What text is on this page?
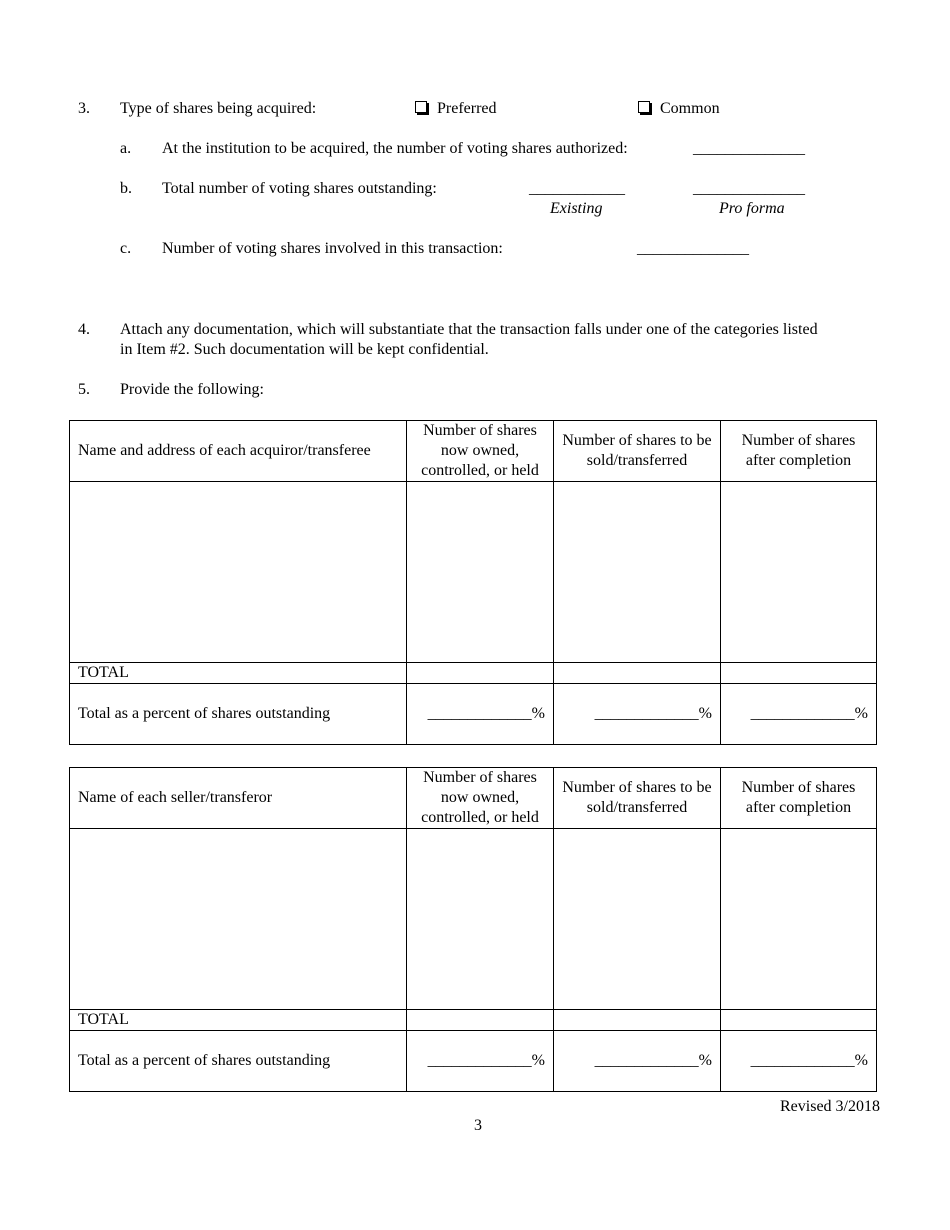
3. Type of shares being acquired:	Preferred	Common
a. At the institution to be acquired, the number of voting shares authorized:	______________
b. Total number of voting shares outstanding:	____________	______________
Existing	Pro forma
c. Number of voting shares involved in this transaction:	______________
4. Attach any documentation, which will substantiate that the transaction falls under one of the categories listed
in Item #2. Such documentation will be kept confidential.
5. Provide the following:
Name and address of each acquiror/transferee	Number of shares now owned, controlled, or held	Number of shares to be sold/transferred	Number of shares after completion

TOTAL			
Total as a percent of shares outstanding	_____________%	_____________%	_____________%
Name of each seller/transferor	Number of shares now owned, controlled, or held	Number of shares to be sold/transferred	Number of shares after completion

TOTAL			
Total as a percent of shares outstanding	_____________%	_____________%	_____________%
Revised 3/2018
3
